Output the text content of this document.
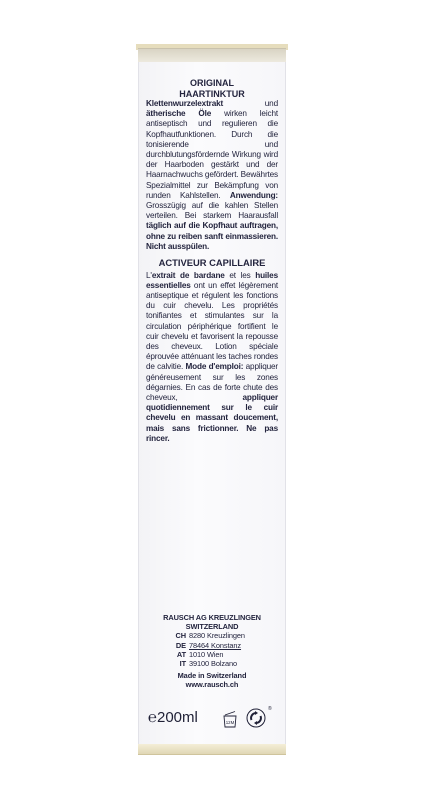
ORIGINAL
HAARTINKTUR
Klettenwurzelextrakt und ätherische Öle wirken leicht antiseptisch und regulieren die Kopfhautfunktionen. Durch die tonisierende und durchblutungsfördernde Wirkung wird der Haarboden gestärkt und der Haarnachwuchs gefördert. Bewährtes Spezialmittel zur Bekämpfung von runden Kahlstellen. Anwendung: Grosszügig auf die kahlen Stellen verteilen. Bei starkem Haarausfall täglich auf die Kopfhaut auftragen, ohne zu reiben sanft einmassieren. Nicht ausspülen.
ACTIVEUR CAPILLAIRE
L'extrait de bardane et les huiles essentielles ont un effet légèrement antiseptique et régulent les fonctions du cuir chevelu. Les propriétés tonifiantes et stimulantes sur la circulation périphérique fortifient le cuir chevelu et favorisent la repousse des cheveux. Lotion spéciale éprouvée atténuant les taches rondes de calvitie. Mode d'emploi: appliquer généreusement sur les zones dégarnies. En cas de forte chute des cheveux, appliquer quotidiennement sur le cuir chevelu en massant doucement, mais sans frictionner. Ne pas rincer.
RAUSCH AG KREUZLINGEN
SWITZERLAND
CH 8280 Kreuzlingen
DE 78464 Konstanz
AT 1010 Wien
IT 39100 Bolzano
Made in Switzerland
www.rausch.ch
℮200ml	12M
®
